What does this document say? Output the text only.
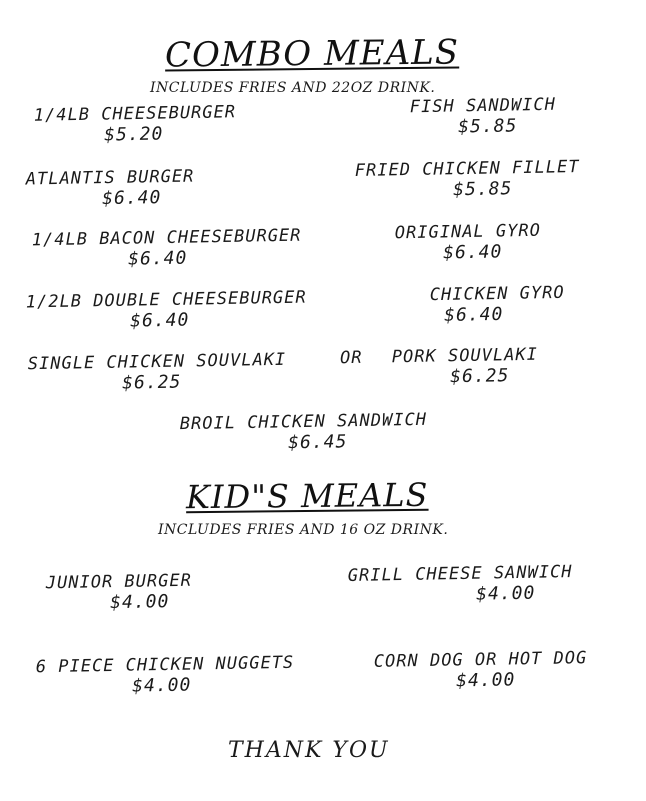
COMBO MEALS
INCLUDES FRIES AND 22OZ DRINK.
1/4LB CHEESEBURGER
$5.20
FISH SANDWICH
$5.85
ATLANTIS BURGER
$6.40
FRIED CHICKEN FILLET
$5.85
1/4LB BACON CHEESEBURGER
$6.40
ORIGINAL GYRO
$6.40
1/2LB DOUBLE CHEESEBURGER
$6.40
CHICKEN GYRO
$6.40
SINGLE CHICKEN SOUVLAKI
$6.25
OR PORK SOUVLAKI
$6.25
BROIL CHICKEN SANDWICH
$6.45
KID"S MEALS
INCLUDES FRIES AND 16 OZ DRINK.
JUNIOR BURGER
$4.00
GRILL CHEESE SANWICH
$4.00
6 PIECE CHICKEN NUGGETS
$4.00
CORN DOG OR HOT DOG
$4.00
THANK YOU
